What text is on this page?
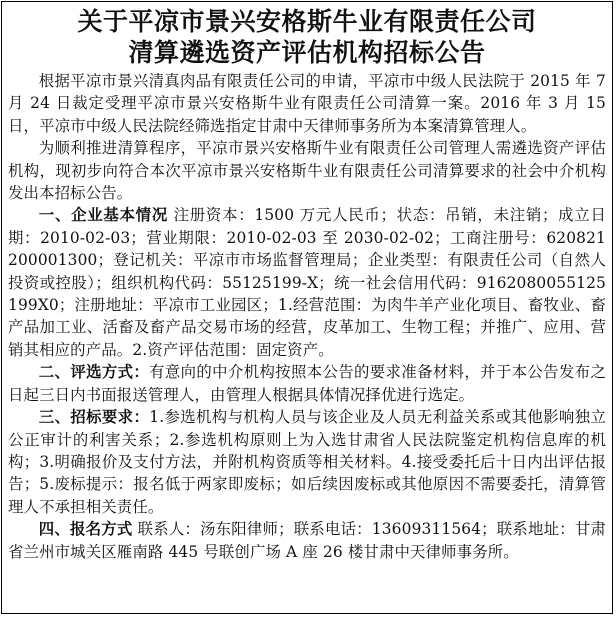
关于平凉市景兴安格斯牛业有限责任公司
清算遴选资产评估机构招标公告

根据平凉市景兴清真肉品有限责任公司的申请，平凉市中级人民法院于 2015 年 7 月 24 日裁定受理平凉市景兴安格斯牛业有限责任公司清算一案。2016 年 3 月 15 日，平凉市中级人民法院经筛选指定甘肃中天律师事务所为本案清算管理人。

为顺利推进清算程序，平凉市景兴安格斯牛业有限责任公司管理人需遴选资产评估机构，现初步向符合本次平凉市景兴安格斯牛业有限责任公司清算要求的社会中介机构发出本招标公告。

一、企业基本情况 注册资本：1500 万元人民币；状态：吊销，未注销；成立日期：2010-02-03；营业期限：2010-02-03 至 2030-02-02；工商注册号：620821200001300；登记机关：平凉市市场监督管理局；企业类型：有限责任公司（自然人投资或控股）；组织机构代码：55125199-X；统一社会信用代码：916208005512519​9X0；注册地址：平凉市工业园区；1.经营范围：为肉牛羊产业化项目、畜牧业、畜产品加工业、活畜及畜产品交易市场的经营，皮革加工、生物工程；并推广、应用、营销其相应的产品。2.资产评估范围：固定资产。

二、评选方式：有意向的中介机构按照本公告的要求准备材料，并于本公告发布之日起三日内书面报送管理人，由管理人根据具体情况择优进行选定。

三、招标要求：1.参选机构与机构人员与该企业及人员无利益关系或其他影响独立公正审计的利害关系；2.参选机构原则上为入选甘肃省人民法院鉴定机构信息库的机构；3.明确报价及支付方法，并附机构资质等相关材料。4.接受委托后十日内出评估报告；5.废标提示：报名低于两家即废标；如后续因废标或其他原因不需要委托，清算管理人不承担相关责任。

四、报名方式 联系人：汤东阳律师；联系电话：13609311564；联系地址：甘肃省兰州市城关区雁南路 445 号联创广场 A 座 26 楼甘肃中天律师事务所。
